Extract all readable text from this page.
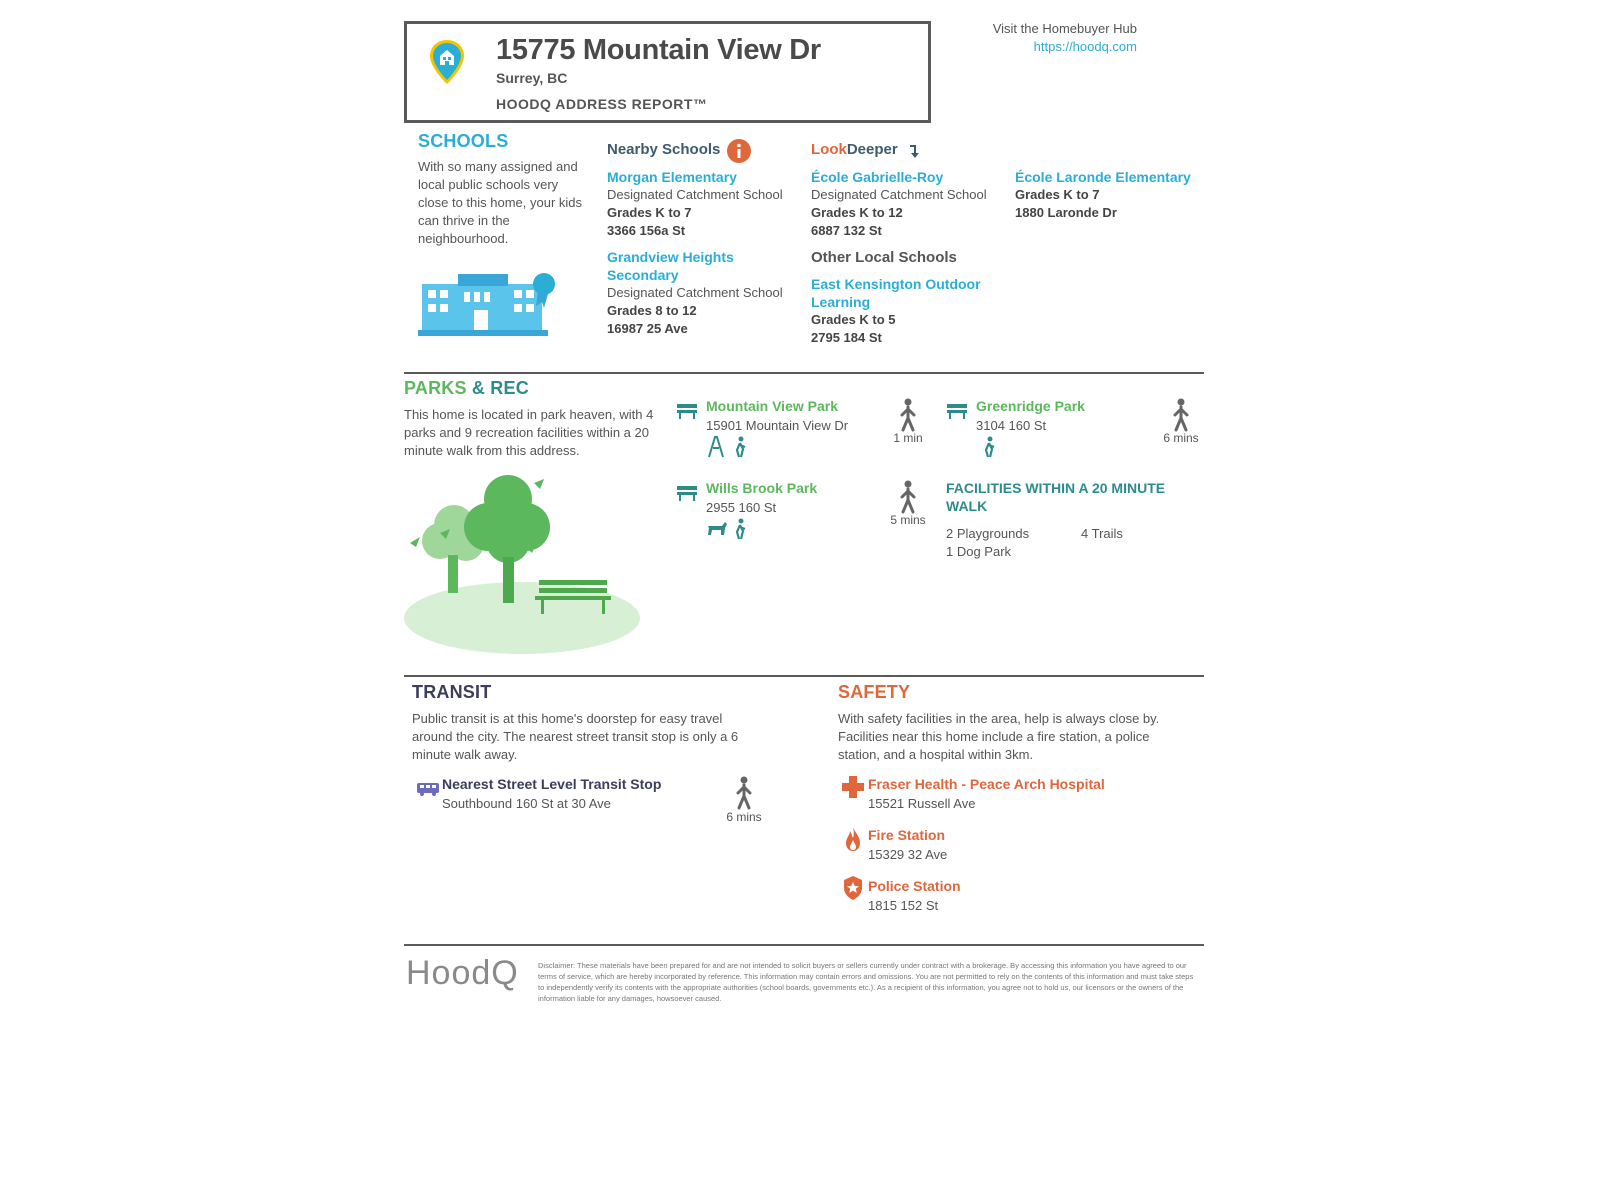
15775 Mountain View Dr
Surrey, BC
HOODQ ADDRESS REPORT™
Visit the Homebuyer Hub
https://hoodq.com
SCHOOLS
With so many assigned and local public schools very close to this home, your kids can thrive in the neighbourhood.
Nearby Schools	LookDeeper
Morgan Elementary
Designated Catchment School
Grades K to 7
3366 156a St
Grandview Heights Secondary
Designated Catchment School
Grades 8 to 12
16987 25 Ave
École Gabrielle-Roy
Designated Catchment School
Grades K to 12
6887 132 St
Other Local Schools
East Kensington Outdoor Learning
Grades K to 5
2795 184 St
École Laronde Elementary
Grades K to 7
1880 Laronde Dr
PARKS & REC
This home is located in park heaven, with 4 parks and 9 recreation facilities within a 20 minute walk from this address.
Mountain View Park
15901 Mountain View Dr
1 min
Greenridge Park
3104 160 St
6 mins
Wills Brook Park
2955 160 St
5 mins
FACILITIES WITHIN A 20 MINUTE WALK
2 Playgrounds	4 Trails
1 Dog Park
TRANSIT
Public transit is at this home's doorstep for easy travel around the city. The nearest street transit stop is only a 6 minute walk away.
Nearest Street Level Transit Stop
Southbound 160 St at 30 Ave
6 mins
SAFETY
With safety facilities in the area, help is always close by. Facilities near this home include a fire station, a police station, and a hospital within 3km.
Fraser Health - Peace Arch Hospital
15521 Russell Ave
Fire Station
15329 32 Ave
Police Station
1815 152 St
HoodQ	Disclaimer: These materials have been prepared for and are not intended to solicit buyers or sellers currently under contract with a brokerage. By accessing this information you have agreed to our terms of service, which are hereby incorporated by reference. This information may contain errors and omissions. You are not permitted to rely on the contents of this information and must take steps to independently verify its contents with the appropriate authorities (school boards, governments etc.). As a recipient of this information, you agree not to hold us, our licensors or the owners of the information liable for any damages, howsoever caused.
